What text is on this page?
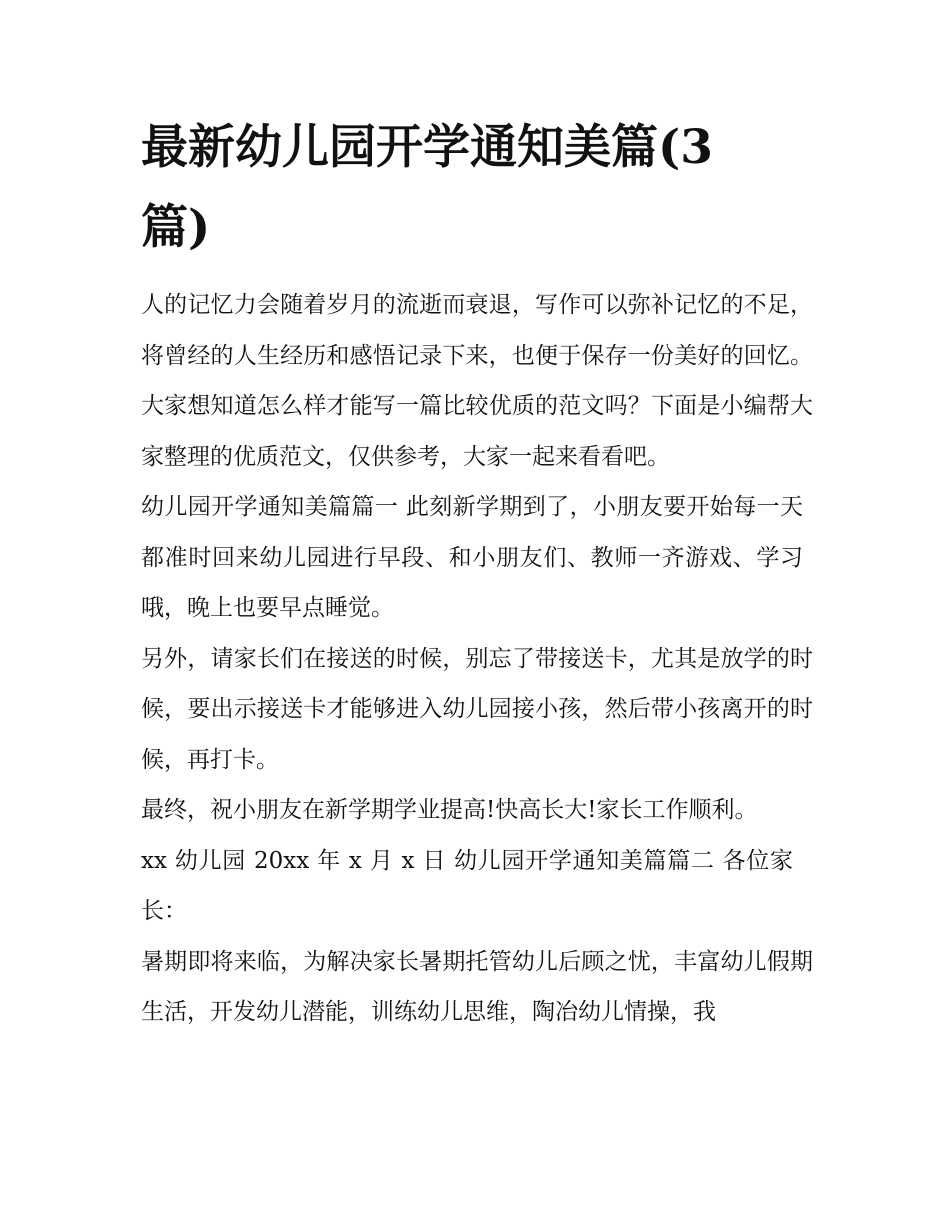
最新幼儿园开学通知美篇(3篇)

人的记忆力会随着岁月的流逝而衰退，写作可以弥补记忆的不足，将曾经的人生经历和感悟记录下来，也便于保存一份美好的回忆。大家想知道怎么样才能写一篇比较优质的范文吗？下面是小编帮大家整理的优质范文，仅供参考，大家一起来看看吧。

幼儿园开学通知美篇篇一 此刻新学期到了，小朋友要开始每一天都准时回来幼儿园进行早段、和小朋友们、教师一齐游戏、学习哦，晚上也要早点睡觉。

另外，请家长们在接送的时候，别忘了带接送卡，尤其是放学的时候，要出示接送卡才能够进入幼儿园接小孩，然后带小孩离开的时候，再打卡。

最终，祝小朋友在新学期学业提高!快高长大!家长工作顺利。

xx 幼儿园 20xx 年 x 月 x 日 幼儿园开学通知美篇篇二 各位家长：

暑期即将来临，为解决家长暑期托管幼儿后顾之忧，丰富幼儿假期生活，开发幼儿潜能，训练幼儿思维，陶冶幼儿情操，我
